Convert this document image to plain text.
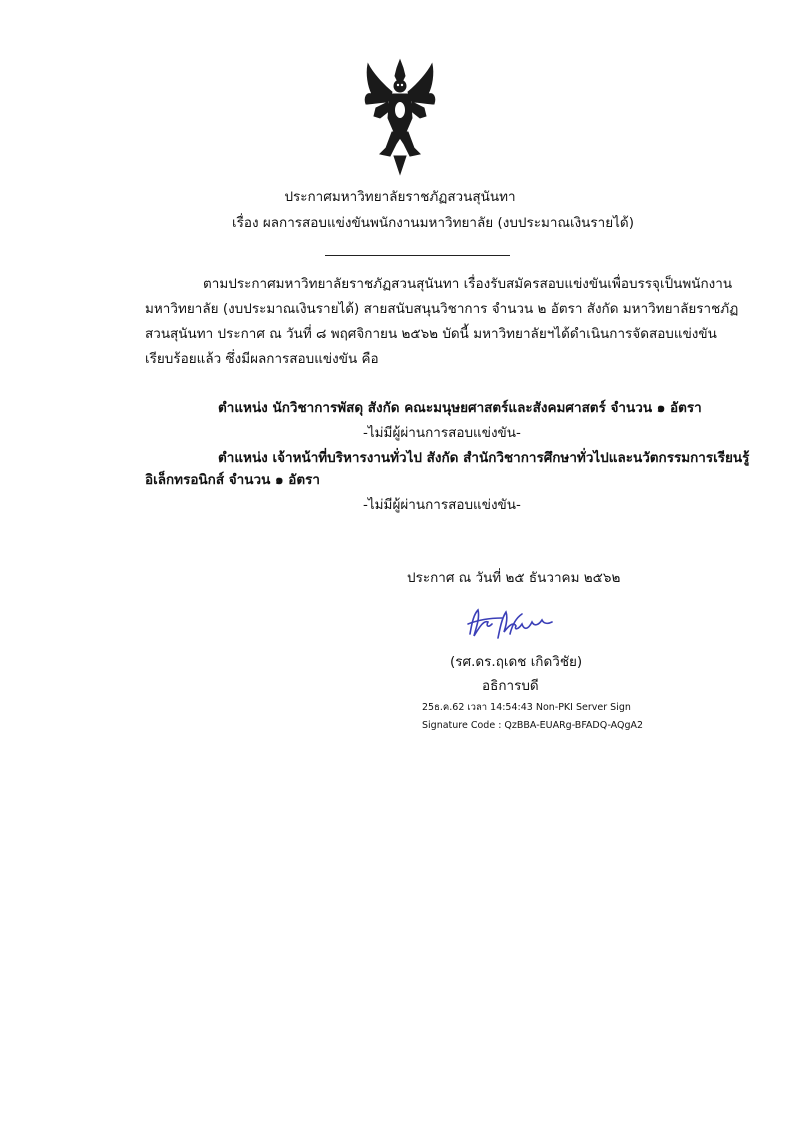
ประกาศมหาวิทยาลัยราชภัฏสวนสุนันทา
เรื่อง ผลการสอบแข่งขันพนักงานมหาวิทยาลัย (งบประมาณเงินรายได้)
ตามประกาศมหาวิทยาลัยราชภัฏสวนสุนันทา เรื่องรับสมัครสอบแข่งขันเพื่อบรรจุเป็นพนักงาน
มหาวิทยาลัย (งบประมาณเงินรายได้) สายสนับสนุนวิชาการ จำนวน ๒ อัตรา สังกัด มหาวิทยาลัยราชภัฏ
สวนสุนันทา ประกาศ ณ วันที่ ๘ พฤศจิกายน ๒๕๖๒ บัดนี้ มหาวิทยาลัยฯได้ดำเนินการจัดสอบแข่งขัน
เรียบร้อยแล้ว ซึ่งมีผลการสอบแข่งขัน คือ
ตำแหน่ง นักวิชาการพัสดุ สังกัด คณะมนุษยศาสตร์และสังคมศาสตร์ จำนวน ๑ อัตรา
-ไม่มีผู้ผ่านการสอบแข่งขัน-
ตำแหน่ง เจ้าหน้าที่บริหารงานทั่วไป สังกัด สำนักวิชาการศึกษาทั่วไปและนวัตกรรมการเรียนรู้
อิเล็กทรอนิกส์ จำนวน ๑ อัตรา
-ไม่มีผู้ผ่านการสอบแข่งขัน-
ประกาศ ณ วันที่ ๒๕ ธันวาคม ๒๕๖๒
(รศ.ดร.ฤเดช เกิดวิชัย)
อธิการบดี
25ธ.ค.62 เวลา 14:54:43 Non-PKI Server Sign
Signature Code : QzBBA-EUARg-BFADQ-AQgA2
